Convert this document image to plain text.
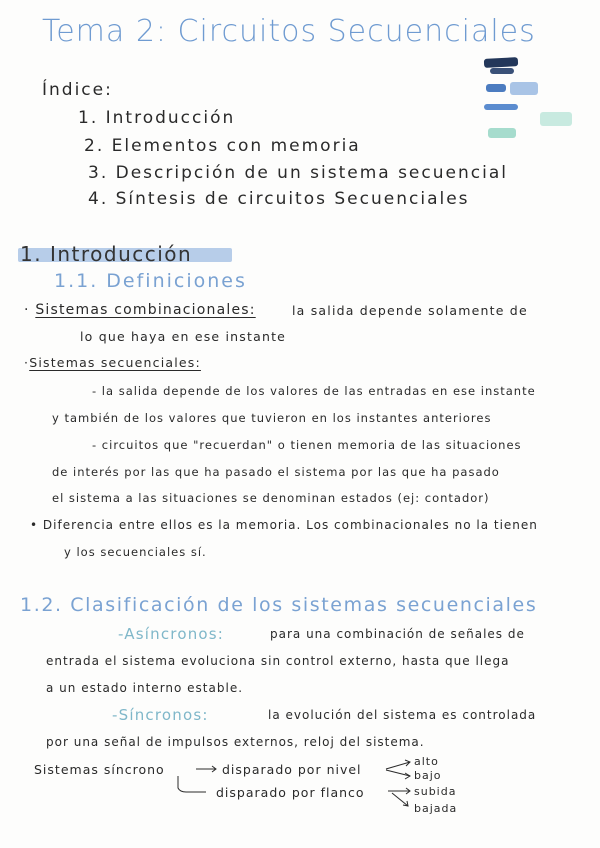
Tema 2: Circuitos Secuenciales
Índice:
1. Introducción
2. Elementos con memoria
3. Descripción de un sistema secuencial
4. Síntesis de circuitos Secuenciales
1. Introducción
1.1. Definiciones
· Sistemas combinacionales:	la salida depende solamente de
lo que haya en ese instante
·Sistemas secuenciales:
- la salida depende de los valores de las entradas en ese instante
y también de los valores que tuvieron en los instantes anteriores
- circuitos que "recuerdan" o tienen memoria de las situaciones
de interés por las que ha pasado el sistema por las que ha pasado
el sistema a las situaciones se denominan estados (ej: contador)
• Diferencia entre ellos es la memoria. Los combinacionales no la tienen
y los secuenciales sí.
1.2. Clasificación de los sistemas secuenciales
-Asíncronos:	para una combinación de señales de
entrada el sistema evoluciona sin control externo, hasta que llega
a un estado interno estable.
-Síncronos:	la evolución del sistema es controlada
por una señal de impulsos externos, reloj del sistema.
Sistemas síncrono	disparado por nivel
alto
bajo
disparado por flanco	subida
bajada
